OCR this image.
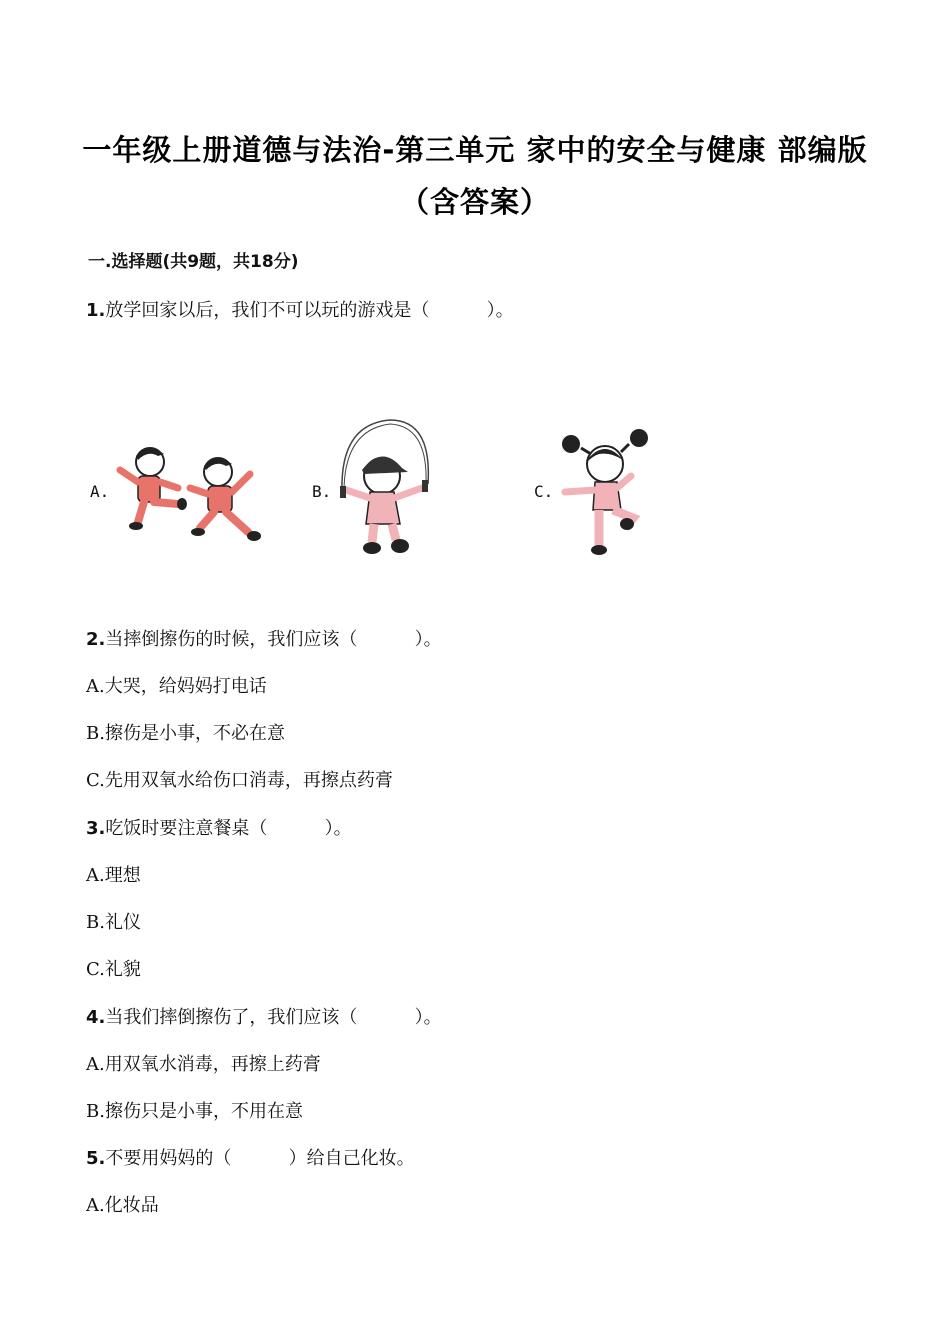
一年级上册道德与法治-第三单元 家中的安全与健康 部编版
（含答案）
一.选择题(共9题，共18分)
1.放学回家以后，我们不可以玩的游戏是（          ）。
A.	B.	C.
2.当摔倒擦伤的时候，我们应该（          ）。
A.大哭，给妈妈打电话
B.擦伤是小事，不必在意
C.先用双氧水给伤口消毒，再擦点药膏
3.吃饭时要注意餐桌（          ）。
A.理想
B.礼仪
C.礼貌
4.当我们摔倒擦伤了，我们应该（          ）。
A.用双氧水消毒，再擦上药膏
B.擦伤只是小事，不用在意
5.不要用妈妈的（          ）给自己化妆。
A.化妆品
